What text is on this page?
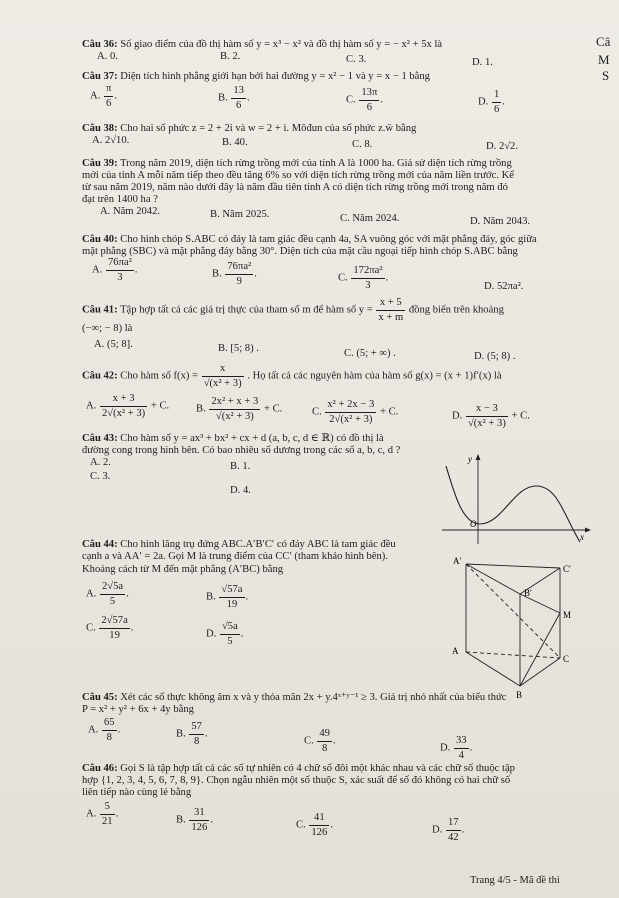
Câ
M
S
Câu 36: Số giao điểm của đồ thị hàm số y = x³ − x² và đồ thị hàm số y = − x² + 5x là
A. 0.	B. 2.	C. 3.	D. 1.
Câu 37: Diện tích hình phẳng giới hạn bởi hai đường y = x² − 1 và y = x − 1 bằng
A. $\frac{\pi}{6}$ .	B. $\frac{13}{6}$ .	C. $\frac{13\pi}{6}$ .	D. $\frac{1}{6}$ .
Câu 38: Cho hai số phức z = 2 + 2i và w = 2 + i. Môđun của số phức z.w̄ bằng
A. 2√10.	B. 40.	C. 8.	D. 2√2.
Câu 39: Trong năm 2019, diện tích rừng trồng mới của tỉnh A là 1000 ha. Giả sử diện tích rừng trồng
mới của tỉnh A mỗi năm tiếp theo đều tăng 6% so với diện tích rừng trồng mới của năm liền trước. Kể
từ sau năm 2019, năm nào dưới đây là năm đầu tiên tỉnh A có diện tích rừng trồng mới trong năm đó
đạt trên 1400 ha ?
A. Năm 2042.	B. Năm 2025.	C. Năm 2024.	D. Năm 2043.
Câu 40: Cho hình chóp S.ABC có đáy là tam giác đều cạnh 4a, SA vuông góc với mặt phẳng đáy, góc giữa
mặt phẳng (SBC) và mặt phẳng đáy bằng 30°. Diện tích của mặt cầu ngoại tiếp hình chóp S.ABC bằng
A. $\frac{\text{76πa²}}{3}$ .	B. $\frac{\text{76πa²}}{9}$ .	C. $\frac{\text{172πa²}}{3}$ .
D. 52πa².
Câu 41: Tập hợp tất cả các giá trị thực của tham số m để hàm số $y = \frac{x + 5}{x + m}$ đồng biến trên khoảng
(−∞; − 8) là
A. (5; 8].	B. [5; 8) .	C. (5; + ∞) .	D. (5; 8) .
Câu 42: Cho hàm số $f(x) = \frac{x}{\text{√(x² + 3)}}$ . Họ tất cả các nguyên hàm của hàm số g(x) = (x + 1)f′(x) là
A. $\frac{x + 3}{\text{2√(x² + 3)}} + C$.	B. $\frac{\text{2x² + x + 3}}{\text{√(x² + 3)}} + C$.	C. $\frac{\text{x² + 2x − 3}}{\text{2√(x² + 3)}} + C$.	D. $\frac{x - 3}{\text{√(x² + 3)}} + C$.
Câu 43: Cho hàm số y = ax³ + bx² + cx + d (a, b, c, d ∈ ℝ) có đồ thị là
đường cong trong hình bên. Có bao nhiêu số dương trong các số a, b, c, d ?
A. 2.	B. 1.
C. 3.
D. 4.
y
x
O
Câu 44: Cho hình lăng trụ đứng ABC.A′B′C′ có đáy ABC là tam giác đều
cạnh a và AA′ = 2a. Gọi M là trung điểm của CC′ (tham khảo hình bên).
Khoảng cách từ M đến mặt phẳng (A′BC) bằng
A. $\frac{2√5a}{5}$ .	B. $\frac{√57a}{19}$ .
C. $\frac{2√57a}{19}$ .
D. $\frac{√5a}{5}$ .
A′
C′
B′
M
A
C
B
Câu 45: Xét các số thực không âm x và y thỏa mãn 2x + y.4ˣ⁺ʸ⁻¹ ≥ 3. Giá trị nhỏ nhất của biểu thức
P = x² + y² + 6x + 4y bằng
A. $\frac{65}{8}$ .	B. $\frac{57}{8}$ .
C. $\frac{49}{8}$ .
D. $\frac{33}{4}$ .
Câu 46: Gọi S là tập hợp tất cả các số tự nhiên có 4 chữ số đôi một khác nhau và các chữ số thuộc tập
hợp {1, 2, 3, 4, 5, 6, 7, 8, 9}. Chọn ngẫu nhiên một số thuộc S, xác suất để số đó không có hai chữ số
liên tiếp nào cùng lẻ bằng
A. $\frac{5}{21}$ .
B. $\frac{31}{126}$ .	C. $\frac{41}{126}$ .	D. $\frac{17}{42}$ .
Trang 4/5 - Mã đề thi
